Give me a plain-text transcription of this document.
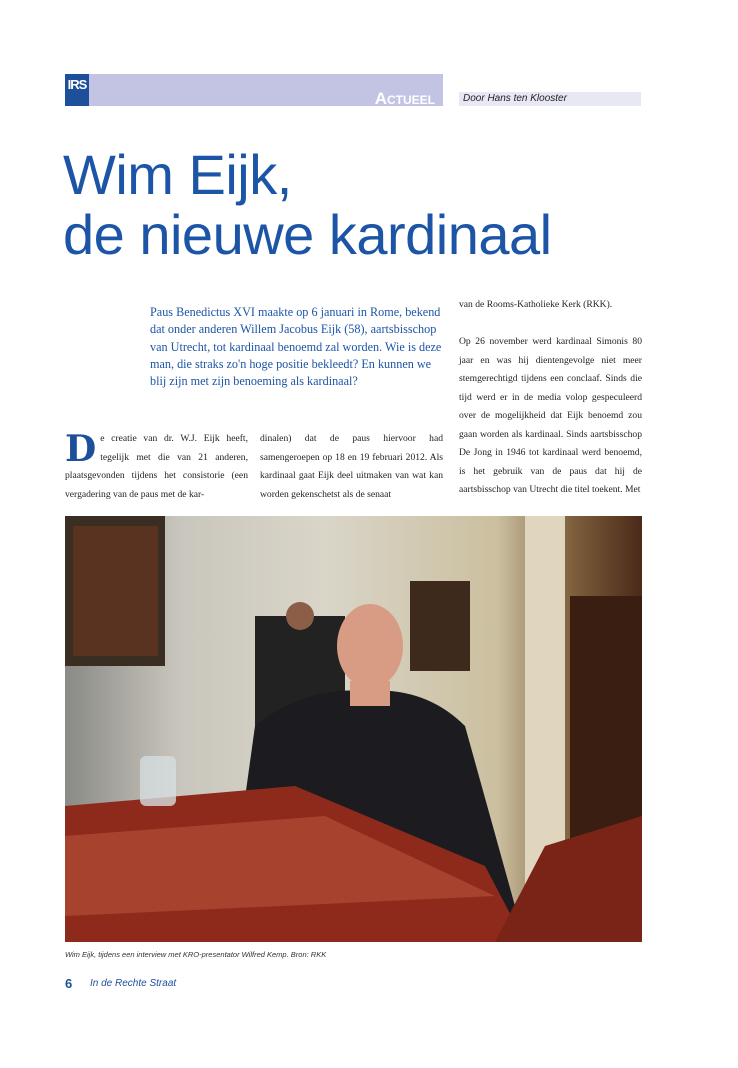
IRS
Actueel	Door Hans ten Klooster
Wim Eijk,
de nieuwe kardinaal

Paus Benedictus XVI maakte op 6 januari in Rome, bekend dat onder anderen Willem Jacobus Eijk (58), aartsbisschop van Utrecht, tot kardinaal benoemd zal worden. Wie is deze man, die straks zo'n hoge positie bekleedt? En kunnen we blij zijn met zijn benoeming als kardinaal?

De creatie van dr. W.J. Eijk heeft, tegelijk met die van 21 anderen, plaatsgevonden tijdens het consistorie (een vergadering van de paus met de kar-
dinalen) dat de paus hiervoor had samengeroepen op 18 en 19 februari 2012. Als kardinaal gaat Eijk deel uitmaken van wat kan worden gekenschetst als de senaat

van de Rooms-Katholieke Kerk (RKK).

Op 26 november werd kardinaal Simonis 80 jaar en was hij dientengevolge niet meer stemgerechtigd tijdens een conclaaf. Sinds die tijd werd er in de media volop gespeculeerd over de mogelijkheid dat Eijk benoemd zou gaan worden als kardinaal. Sinds aartsbisschop De Jong in 1946 tot kardinaal werd benoemd, is het gebruik van de paus dat hij de aartsbisschop van Utrecht die titel toekent. Met

Wim Eijk, tijdens een interview met KRO-presentator Wilfred Kemp. Bron: RKK
6 In de Rechte Straat
